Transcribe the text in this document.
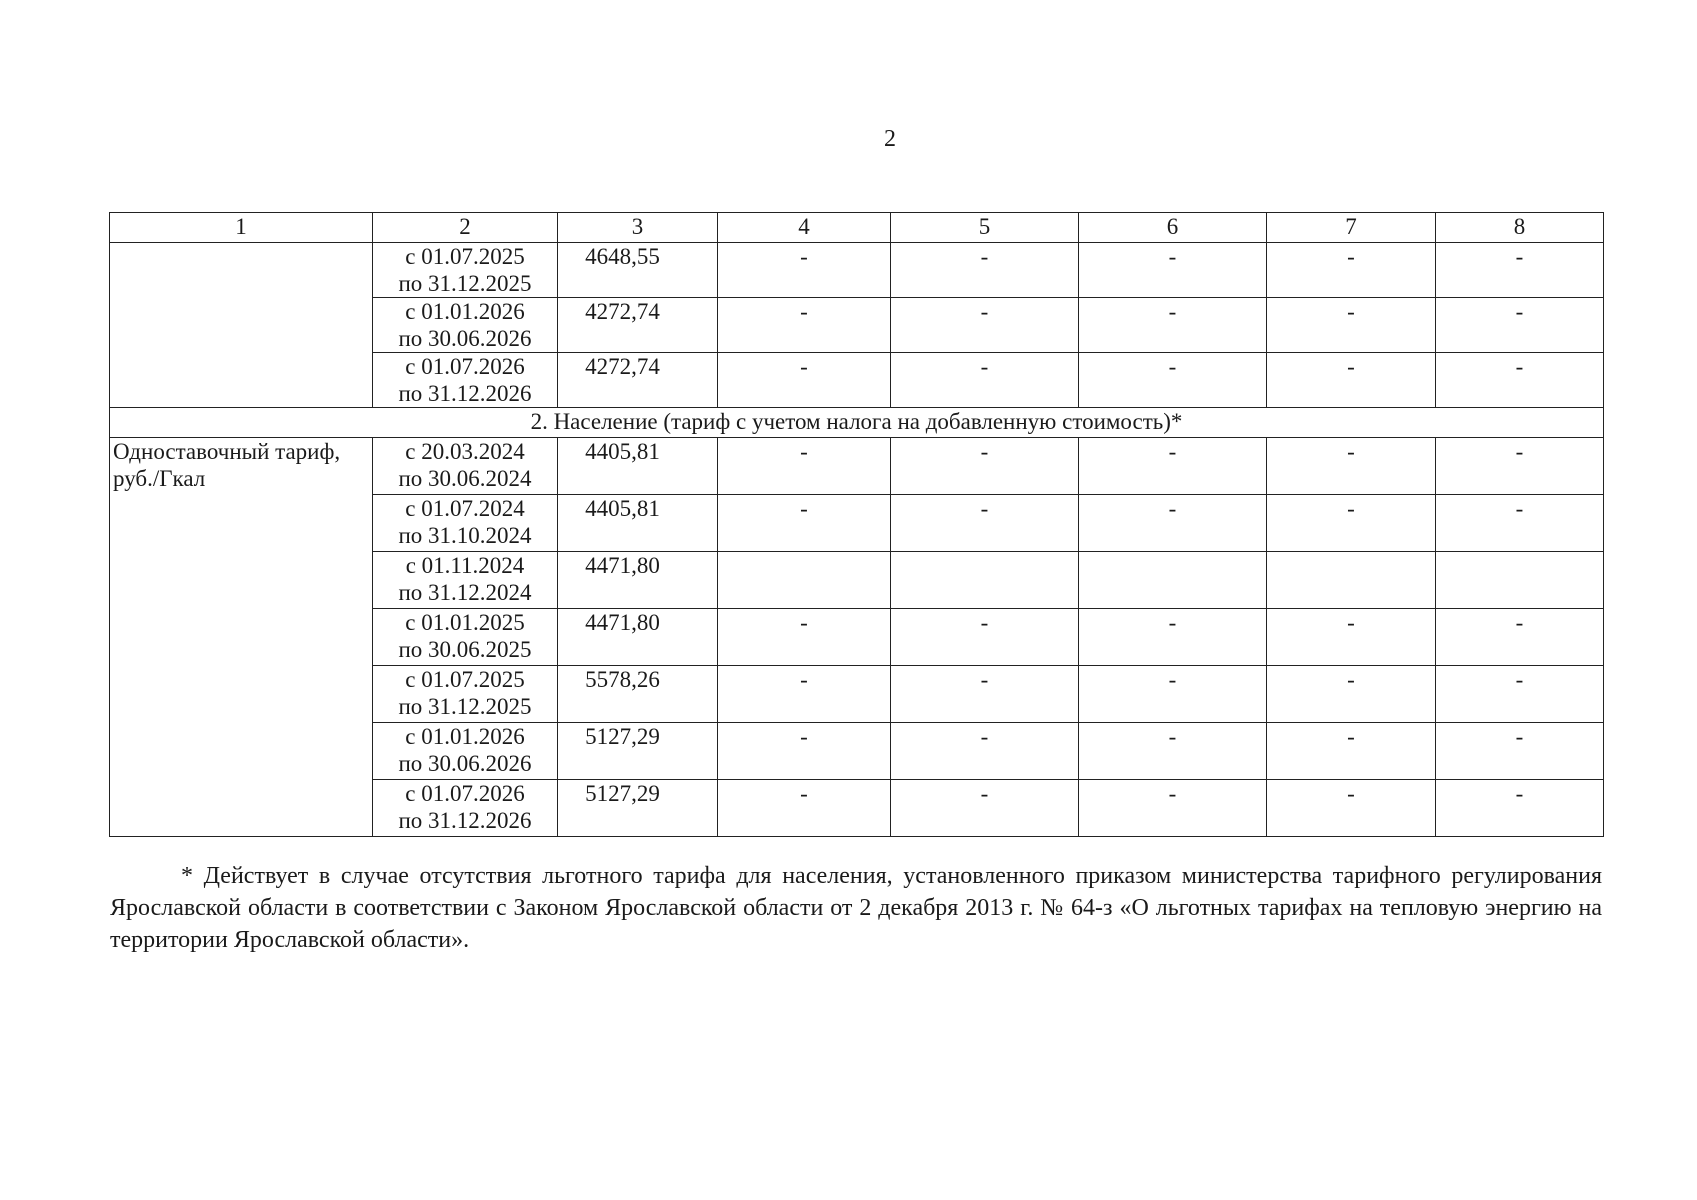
2
1	2	3	4	5	6	7	8

	с 01.07.2025
по 31.12.2025	4648,55	-	-	-	-	-

	с 01.01.2026
по 30.06.2026	4272,74	-	-	-	-	-

	с 01.07.2026
по 31.12.2026	4272,74	-	-	-	-	-
2. Население (тариф с учетом налога на добавленную стоимость)*							
Одноставочный тариф, руб./Гкал	с 20.03.2024
по 30.06.2024	4405,81	-	-	-	-	-

	с 01.07.2024
по 31.10.2024	4405,81	-	-	-	-	-

	с 01.11.2024
по 31.12.2024	4471,80					

	с 01.01.2025
по 30.06.2025	4471,80	-	-	-	-	-

	с 01.07.2025
по 31.12.2025	5578,26	-	-	-	-	-

	с 01.01.2026
по 30.06.2026	5127,29	-	-	-	-	-

	с 01.07.2026
по 31.12.2026	5127,29	-	-	-	-	-
* Действует в случае отсутствия льготного тарифа для населения, установленного приказом министерства тарифного регулирования Ярославской области в соответствии с Законом Ярославской области от 2 декабря 2013 г. № 64-з «О льготных тарифах на тепловую энергию на территории Ярославской области».
